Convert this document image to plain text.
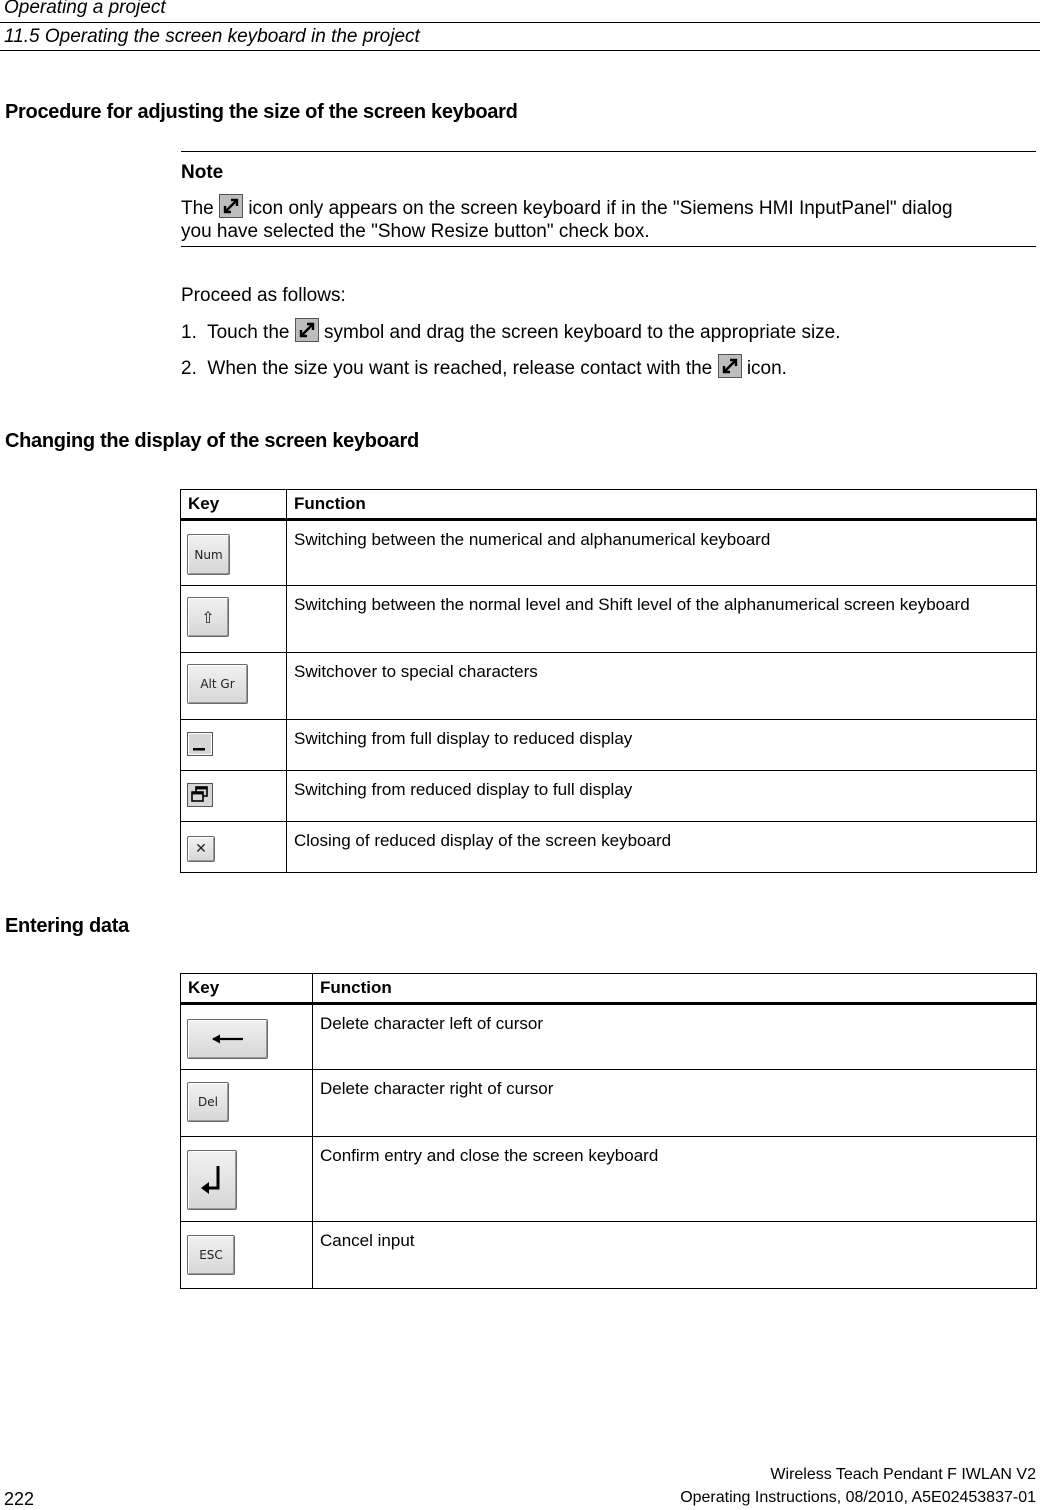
Operating a project
11.5 Operating the screen keyboard in the project
Procedure for adjusting the size of the screen keyboard
Note
The icon only appears on the screen keyboard if in the "Siemens HMI InputPanel" dialog
you have selected the "Show Resize button" check box.
Proceed as follows:
1. Touch the symbol and drag the screen keyboard to the appropriate size.
2. When the size you want is reached, release contact with the icon.
Changing the display of the screen keyboard
Key	Function

Num	Switching between the numerical and alphanumerical keyboard

⇧	Switching between the normal level and Shift level of the alphanumerical screen keyboard

Alt Gr	Switchover to special characters

	Switching from full display to reduced display

	Switching from reduced display to full display

✕	Closing of reduced display of the screen keyboard
Entering data
Key	Function

	Delete character left of cursor

Del	Delete character right of cursor

	Confirm entry and close the screen keyboard

ESC	Cancel input
Wireless Teach Pendant F IWLAN V2
222	Operating Instructions, 08/2010, A5E02453837-01
